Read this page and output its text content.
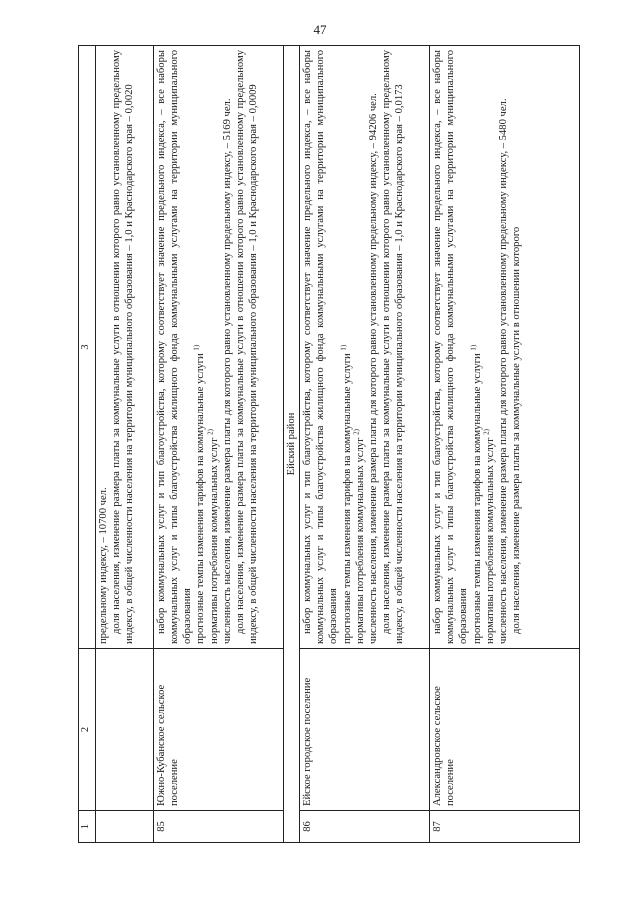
47
1	2	3

		предельному индексу, – 10700 чел. доля населения, изменение размера платы за коммунальные услуги в отношении которого равно установленному предельному индексу, в общей численности населения на территории муниципального образования – 1,0 и Краснодарского края – 0,0020

85	Южно-Кубанское сельское поселение	набор коммунальных услуг и тип благоустройства, которому соответствует значение предельного индекса, – все наборы коммунальных услуг и типы благоустройства жилищного фонда коммунальными услугами на территории муниципального образования прогнозные темпы изменения тарифов на коммунальные услуги $^{1)}$

нормативы потребления коммунальных услуг $^{2)}$ численность населения, изменение размера платы для которого равно установленному предельному индексу, – 5169 чел. доля населения, изменение размера платы за коммунальные услуги в отношении которого равно установленному предельному индексу, в общей численности населения на территории муниципального образования – 1,0 и Краснодарского края – 0,0009

Ейский район		
86	Ейское городское поселение	набор коммунальных услуг и тип благоустройства, которому соответствует значение предельного индекса, – все наборы коммунальных услуг и типы благоустройства жилищного фонда коммунальными услугами на территории муниципального образования прогнозные темпы изменения тарифов на коммунальные услуги $^{1)}$

нормативы потребления коммунальных услуг $^{2)}$ численность населения, изменение размера платы для которого равно установленному предельному индексу, – 94206 чел. доля населения, изменение размера платы за коммунальные услуги в отношении которого равно установленному предельному индексу, в общей численности населения на территории муниципального образования – 1,0 и Краснодарского края – 0,0173

87	Александровское сельское поселение	набор коммунальных услуг и тип благоустройства, которому соответствует значение предельного индекса, – все наборы коммунальных услуг и типы благоустройства жилищного фонда коммунальными услугами на территории муниципального образования прогнозные темпы изменения тарифов на коммунальные услуги $^{1)}$

нормативы потребления коммунальных услуг $^{2)}$ численность населения, изменение размера платы для которого равно установленному предельному индексу, – 5480 чел. доля населения, изменение размера платы за коммунальные услуги в отношении которого
